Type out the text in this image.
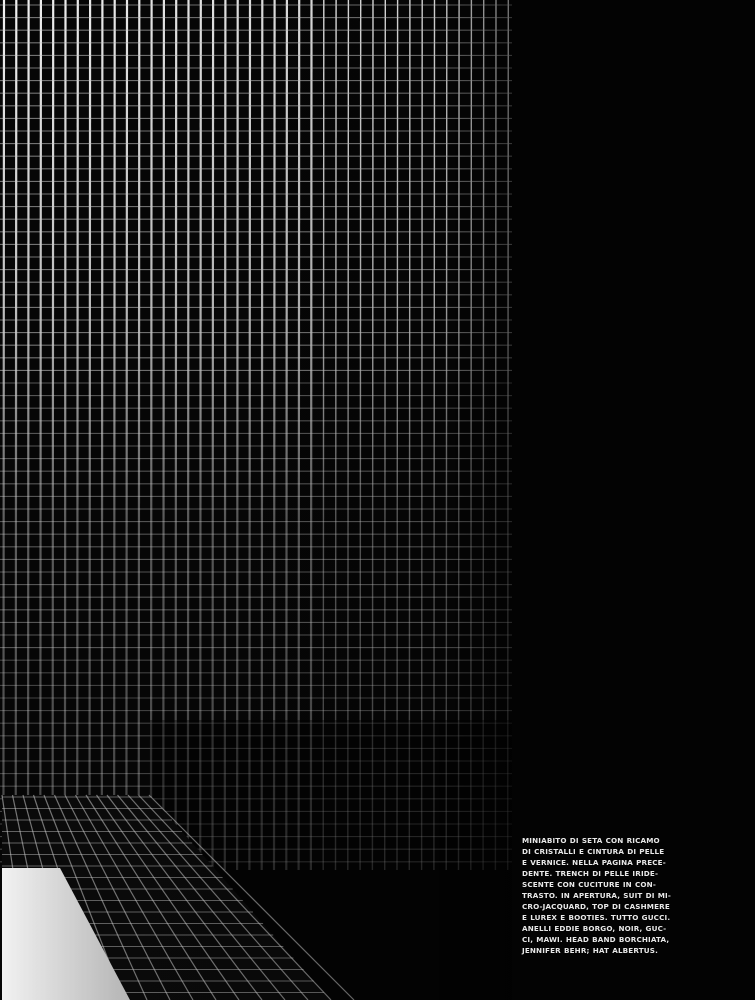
MINIABITO DI SETA CON RICAMO
DI CRISTALLI E CINTURA DI PELLE
E VERNICE. NELLA PAGINA PRECE-
DENTE. TRENCH DI PELLE IRIDE-
SCENTE CON CUCITURE IN CON-
TRASTO. IN APERTURA, SUIT DI MI-
CRO-JACQUARD, TOP DI CASHMERE
E LUREX E BOOTIES. TUTTO GUCCI.
ANELLI EDDIE BORGO, NOIR, GUC-
CI, MAWI. HEAD BAND BORCHIATA,
JENNIFER BEHR; HAT ALBERTUS.
